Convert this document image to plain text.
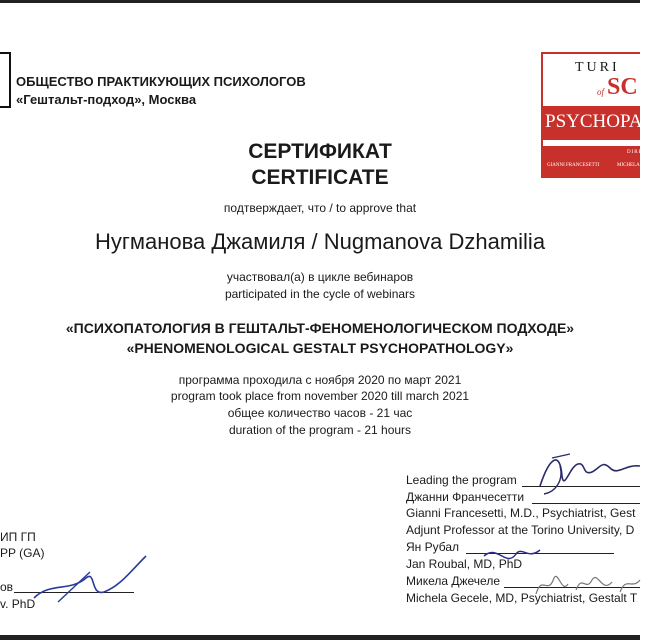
ОБЩЕСТВО ПРАКТИКУЮЩИХ ПСИХОЛОГОВ
«Гештальт-подход», Москва
TURI
of SC
PSYCHOPAT
DIRECT
GIANNI FRANCESETTI	MICHELA G
СЕРТИФИКАТ
CERTIFICATE
подтверждает, что / to approve that
Нугманова Джамиля / Nugmanova Dzhamilia
участвовал(а) в цикле вебинаров
participated in the cycle of webinars
«ПСИХОПАТОЛОГИЯ В ГЕШТАЛЬТ-ФЕНОМЕНОЛОГИЧЕСКОМ ПОДХОДЕ»
«PHENOMENOLOGICAL GESTALT PSYCHOPATHOLOGY»
программа проходила с ноября 2020 по март 2021
program took place from november 2020 till march 2021
общее количество часов - 21 час
duration of the program - 21 hours
Leading the program
Джанни Франчесетти
Gianni Francesetti, M.D., Psychiatrist, Gest
Adjunt Professor at the Torino University, D
Ян Рубал
Jan Roubal, MD, PhD
Микела Джечеле
Michela Gecele, MD, Psychiatrist, Gestalt T
ИП ГП
PP (GA)
ов
v. PhD
